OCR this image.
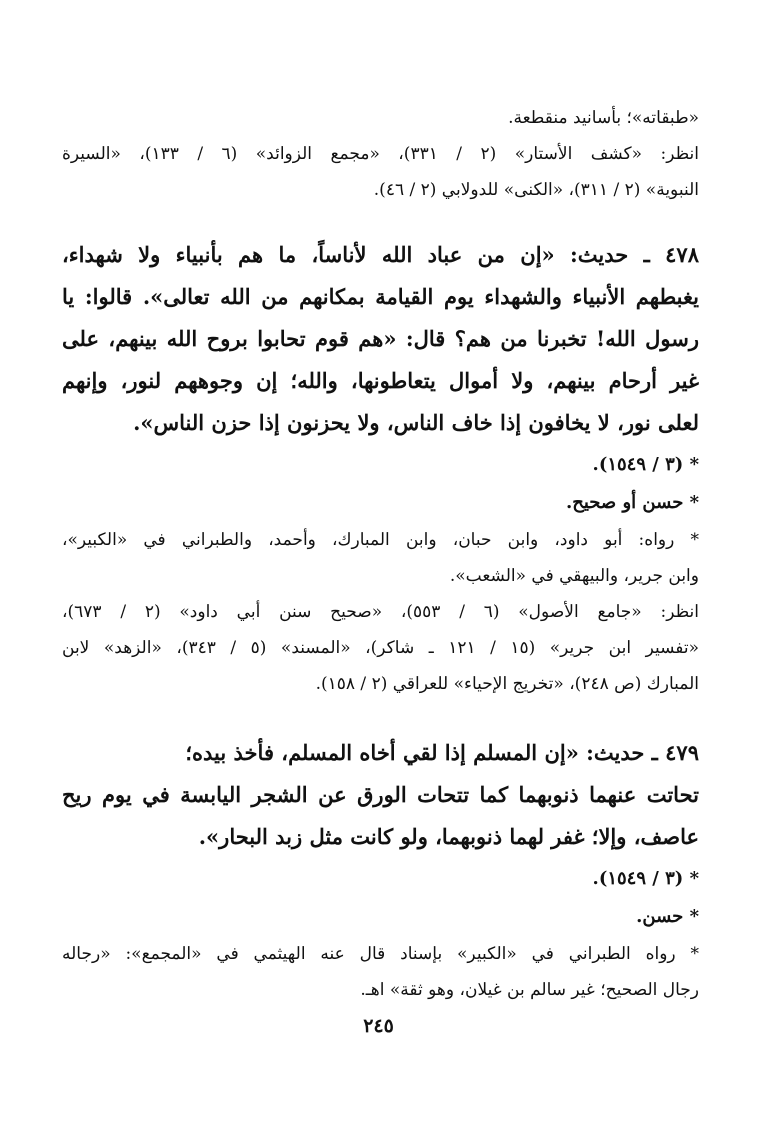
«طبقاته»؛ بأسانيد منقطعة.
انظر: «كشف الأستار» (٢ / ٣٣١)، «مجمع الزوائد» (٦ / ١٣٣)، «السيرة
النبوية» (٢ / ٣١١)، «الكنى» للدولابي (٢ / ٤٦).
٤٧٨ ـ حديث: «إن من عباد الله لأناساً، ما هم بأنبياء ولا شهداء،
يغبطهم الأنبياء والشهداء يوم القيامة بمكانهم من الله تعالى». قالوا: يا
رسول الله! تخبرنا من هم؟ قال: «هم قوم تحابوا بروح الله بينهم، على
غير أرحام بينهم، ولا أموال يتعاطونها، والله؛ إن وجوههم لنور، وإنهم
لعلى نور، لا يخافون إذا خاف الناس، ولا يحزنون إذا حزن الناس».
* (٣ / ١٥٤٩).
* حسن أو صحيح.
* رواه: أبو داود، وابن حبان، وابن المبارك، وأحمد، والطبراني في «الكبير»،
وابن جرير، والبيهقي في «الشعب».
انظر: «جامع الأصول» (٦ / ٥٥٣)، «صحيح سنن أبي داود» (٢ / ٦٧٣)،
«تفسير ابن جرير» (١٥ / ١٢١ ـ شاكر)، «المسند» (٥ / ٣٤٣)، «الزهد» لابن
المبارك (ص ٢٤٨)، «تخريج الإحياء» للعراقي (٢ / ١٥٨).
٤٧٩ ـ حديث: «إن المسلم إذا لقي أخاه المسلم، فأخذ بيده؛
تحاتت عنهما ذنوبهما كما تتحات الورق عن الشجر اليابسة في يوم ريح
عاصف، وإلا؛ غفر لهما ذنوبهما، ولو كانت مثل زبد البحار».
* (٣ / ١٥٤٩).
* حسن.
* رواه الطبراني في «الكبير» بإسناد قال عنه الهيثمي في «المجمع»: «رجاله
رجال الصحيح؛ غير سالم بن غيلان، وهو ثقة» اهـ.
٢٤٥
